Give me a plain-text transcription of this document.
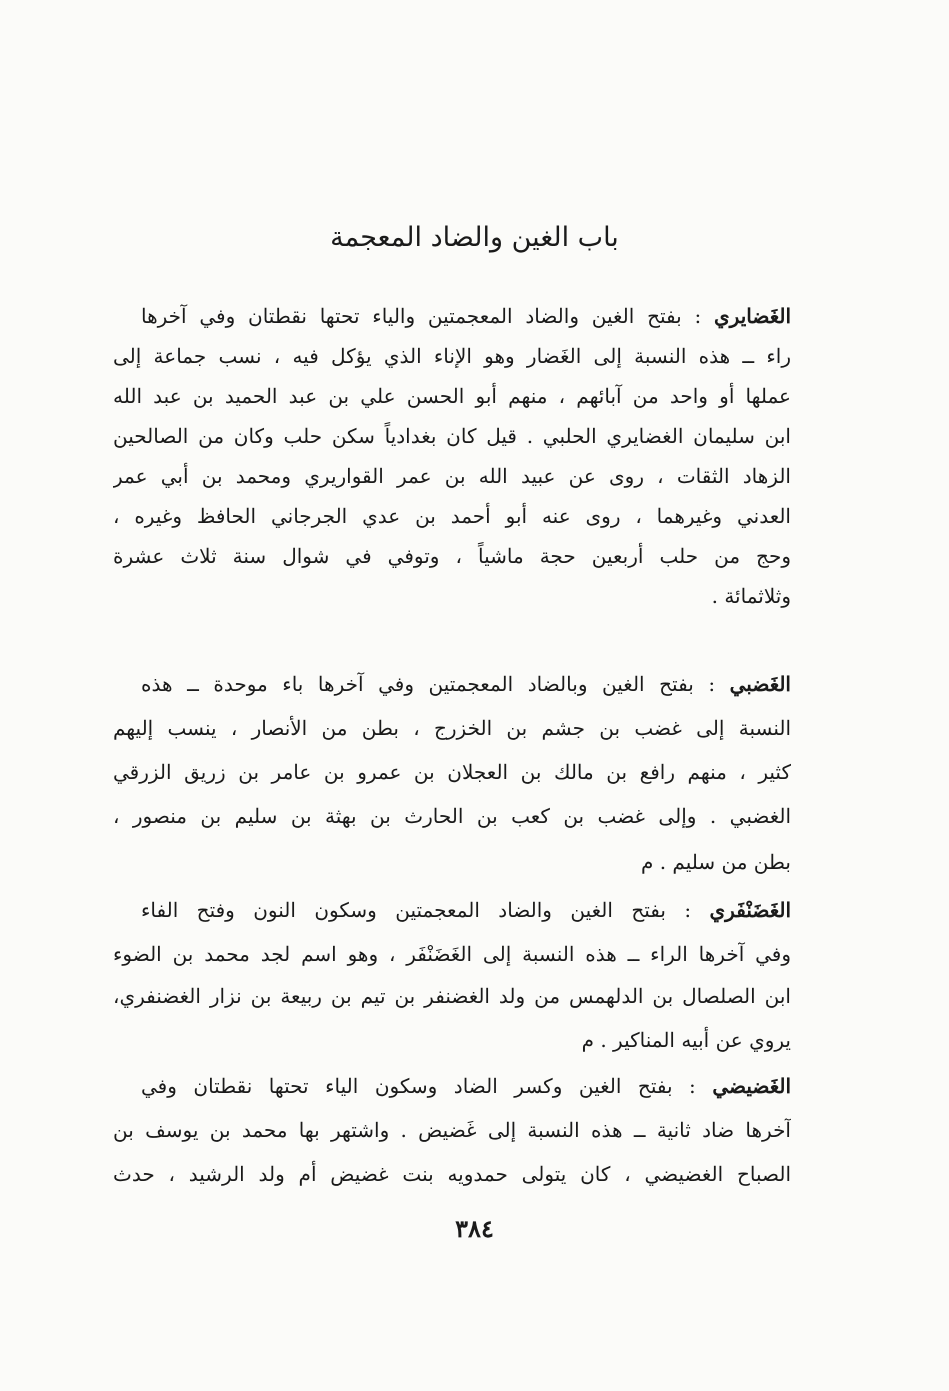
باب الغين والضاد المعجمة
الغَضايري : بفتح الغين والضاد المعجمتين والياء تحتها نقطتان وفي آخرها
راء ــ هذه النسبة إلى الغَضار وهو الإناء الذي يؤكل فيه ، نسب جماعة إلى
عملها أو واحد من آبائهم ، منهم أبو الحسن علي بن عبد الحميد بن عبد الله
ابن سليمان الغضايري الحلبي . قيل كان بغدادياً سكن حلب وكان من الصالحين
الزهاد الثقات ، روى عن عبيد الله بن عمر القواريري ومحمد بن أبي عمر
العدني وغيرهما ، روى عنه أبو أحمد بن عدي الجرجاني الحافظ وغيره ،
وحج من حلب أربعين حجة ماشياً ، وتوفي في شوال سنة ثلاث عشرة
وثلاثمائة .
الغَضبي : بفتح الغين وبالضاد المعجمتين وفي آخرها باء موحدة ــ هذه
النسبة إلى غضب بن جشم بن الخزرج ، بطن من الأنصار ، ينسب إليهم
كثير ، منهم رافع بن مالك بن العجلان بن عمرو بن عامر بن زريق الزرقي
الغضبي . وإلى غضب بن كعب بن الحارث بن بهثة بن سليم بن منصور ،
بطن من سليم . م
الغَضَنْفَري : بفتح الغين والضاد المعجمتين وسكون النون وفتح الفاء
وفي آخرها الراء ــ هذه النسبة إلى الغَضَنْفَر ، وهو اسم لجد محمد بن الضوء
ابن الصلصال بن الدلهمس من ولد الغضنفر بن تيم بن ربيعة بن نزار الغضنفري،
يروي عن أبيه المناكير . م
الغَضيضي : بفتح الغين وكسر الضاد وسكون الياء تحتها نقطتان وفي
آخرها ضاد ثانية ــ هذه النسبة إلى غَضيض . واشتهر بها محمد بن يوسف بن
الصباح الغضيضي ، كان يتولى حمدويه بنت غضيض أم ولد الرشيد ، حدث
٣٨٤
